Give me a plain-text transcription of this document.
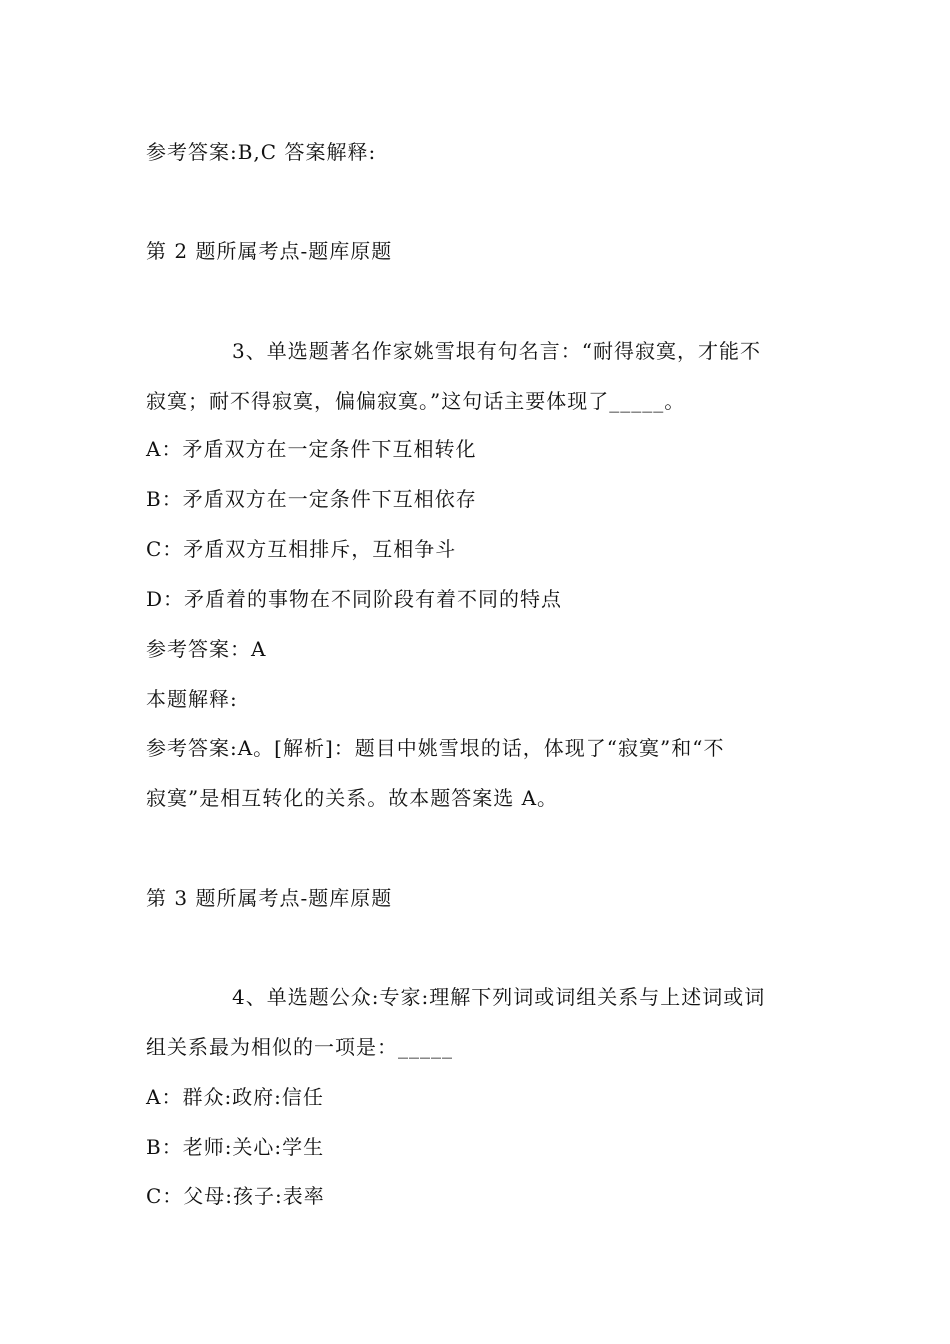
参考答案:B,C 答案解释:
第 2 题所属考点-题库原题
3、单选题著名作家姚雪垠有句名言：“耐得寂寞，才能不
寂寞；耐不得寂寞，偏偏寂寞。”这句话主要体现了_____。
A：矛盾双方在一定条件下互相转化
B：矛盾双方在一定条件下互相依存
C：矛盾双方互相排斥，互相争斗
D：矛盾着的事物在不同阶段有着不同的特点
参考答案：A
本题解释:
参考答案:A。[解析]：题目中姚雪垠的话，体现了“寂寞”和“不
寂寞”是相互转化的关系。故本题答案选 A。
第 3 题所属考点-题库原题
4、单选题公众:专家:理解下列词或词组关系与上述词或词
组关系最为相似的一项是：_____
A：群众:政府:信任
B：老师:关心:学生
C：父母:孩子:表率
